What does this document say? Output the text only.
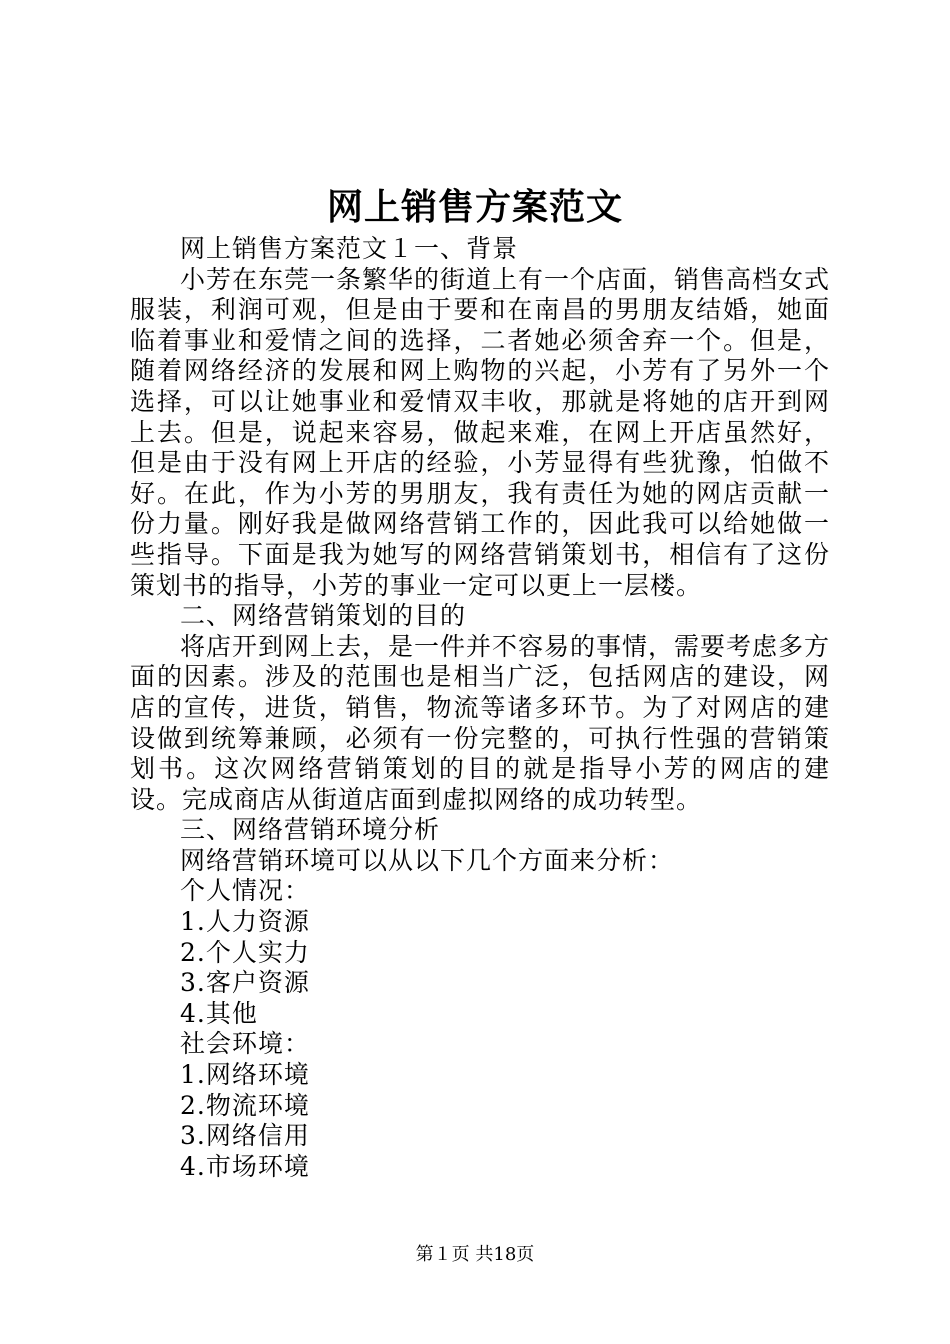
网上销售方案范文

网上销售方案范文１一、背景

小芳在东莞一条繁华的街道上有一个店面，销售高档女式服装，利润可观，但是由于要和在南昌的男朋友结婚，她面临着事业和爱情之间的选择，二者她必须舍弃一个。但是，随着网络经济的发展和网上购物的兴起，小芳有了另外一个选择，可以让她事业和爱情双丰收，那就是将她的店开到网上去。但是，说起来容易，做起来难，在网上开店虽然好，但是由于没有网上开店的经验，小芳显得有些犹豫，怕做不好。在此，作为小芳的男朋友，我有责任为她的网店贡献一份力量。刚好我是做网络营销工作的，因此我可以给她做一些指导。下面是我为她写的网络营销策划书，相信有了这份策划书的指导，小芳的事业一定可以更上一层楼。

二、网络营销策划的目的

将店开到网上去，是一件并不容易的事情，需要考虑多方面的因素。涉及的范围也是相当广泛，包括网店的建设，网店的宣传，进货，销售，物流等诸多环节。为了对网店的建设做到统筹兼顾，必须有一份完整的，可执行性强的营销策划书。这次网络营销策划的目的就是指导小芳的网店的建设。完成商店从街道店面到虚拟网络的成功转型。

三、网络营销环境分析

网络营销环境可以从以下几个方面来分析：

个人情况：

1.人力资源

2.个人实力

3.客户资源

4.其他

社会环境：

1.网络环境

2.物流环境

3.网络信用

4.市场环境

第１页 共18页
